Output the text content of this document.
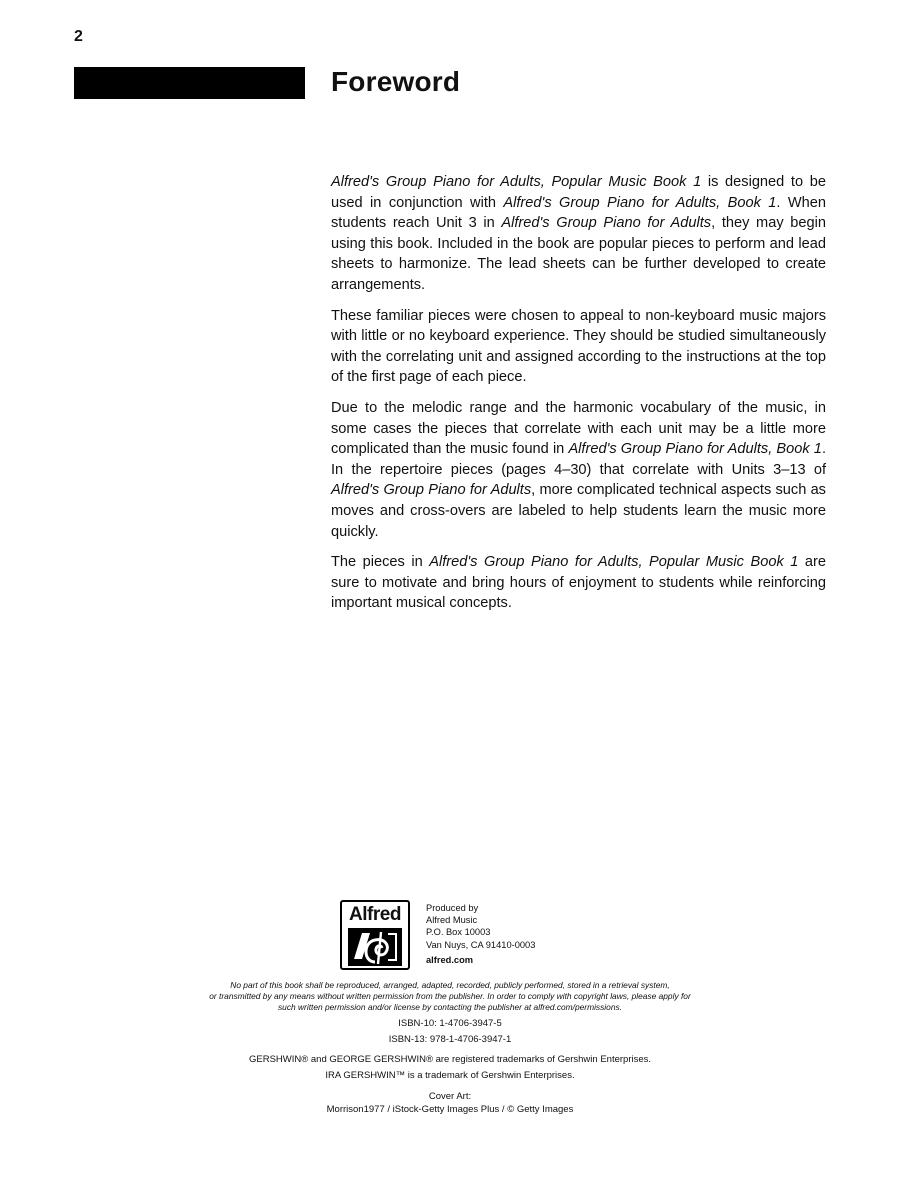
2
Foreword

Alfred's Group Piano for Adults, Popular Music Book 1 is designed to be used in conjunction with Alfred's Group Piano for Adults, Book 1. When students reach Unit 3 in Alfred's Group Piano for Adults, they may begin using this book. Included in the book are popular pieces to perform and lead sheets to harmonize. The lead sheets can be further developed to create arrangements.

These familiar pieces were chosen to appeal to non-keyboard music majors with little or no keyboard experience. They should be studied simultaneously with the correlating unit and assigned according to the instructions at the top of the first page of each piece.

Due to the melodic range and the harmonic vocabulary of the music, in some cases the pieces that correlate with each unit may be a little more complicated than the music found in Alfred's Group Piano for Adults, Book 1. In the repertoire pieces (pages 4–30) that correlate with Units 3–13 of Alfred's Group Piano for Adults, more complicated technical aspects such as moves and cross-overs are labeled to help students learn the music more quickly.

The pieces in Alfred's Group Piano for Adults, Popular Music Book 1 are sure to motivate and bring hours of enjoyment to students while reinforcing important musical concepts.

Alfred	Produced by
Alfred Music
P.O. Box 10003
Van Nuys, CA 91410-0003
alfred.com
No part of this book shall be reproduced, arranged, adapted, recorded, publicly performed, stored in a retrieval system,
or transmitted by any means without written permission from the publisher. In order to comply with copyright laws, please apply for
such written permission and/or license by contacting the publisher at alfred.com/permissions.
ISBN-10: 1-4706-3947-5
ISBN-13: 978-1-4706-3947-1
GERSHWIN® and GEORGE GERSHWIN® are registered trademarks of Gershwin Enterprises.
IRA GERSHWIN™ is a trademark of Gershwin Enterprises.
Cover Art:
Morrison1977 / iStock-Getty Images Plus / © Getty Images
